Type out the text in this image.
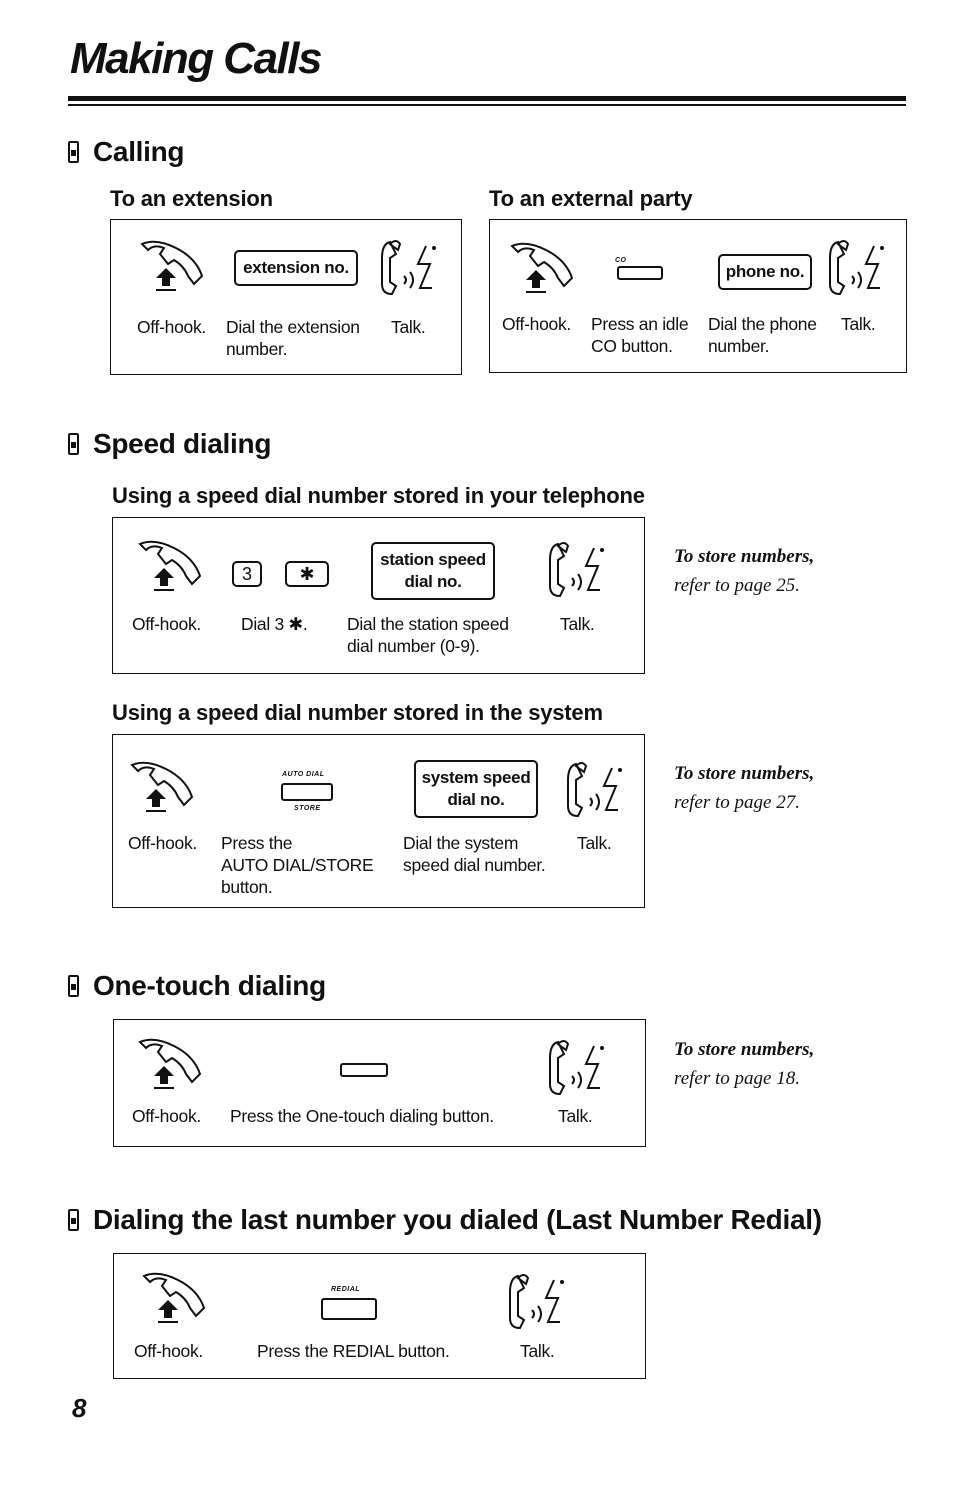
Making Calls
Calling
To an extension	To an external party
extension no.
Off-hook. Dial the extension
number.
Talk.
CO
phone no.
Off-hook. Press an idle
CO button.
Dial the phone
number.
Talk.
Speed dialing
Using a speed dial number stored in your telephone
3	✱
station speed
dial no.
Off-hook. Dial 3 ✱. Dial the station speed
dial number (0-9).
Talk.
To store numbers,
refer to page 25.
Using a speed dial number stored in the system
AUTO DIAL
STORE
system speed
dial no.
Off-hook. Press the
AUTO DIAL/STORE
button.
Dial the system
speed dial number.
Talk.
To store numbers,
refer to page 27.
One-touch dialing
Off-hook. Press the One-touch dialing button.	Talk.
To store numbers,
refer to page 18.
Dialing the last number you dialed (Last Number Redial)
REDIAL
Off-hook.	Press the REDIAL button.	Talk.
8
